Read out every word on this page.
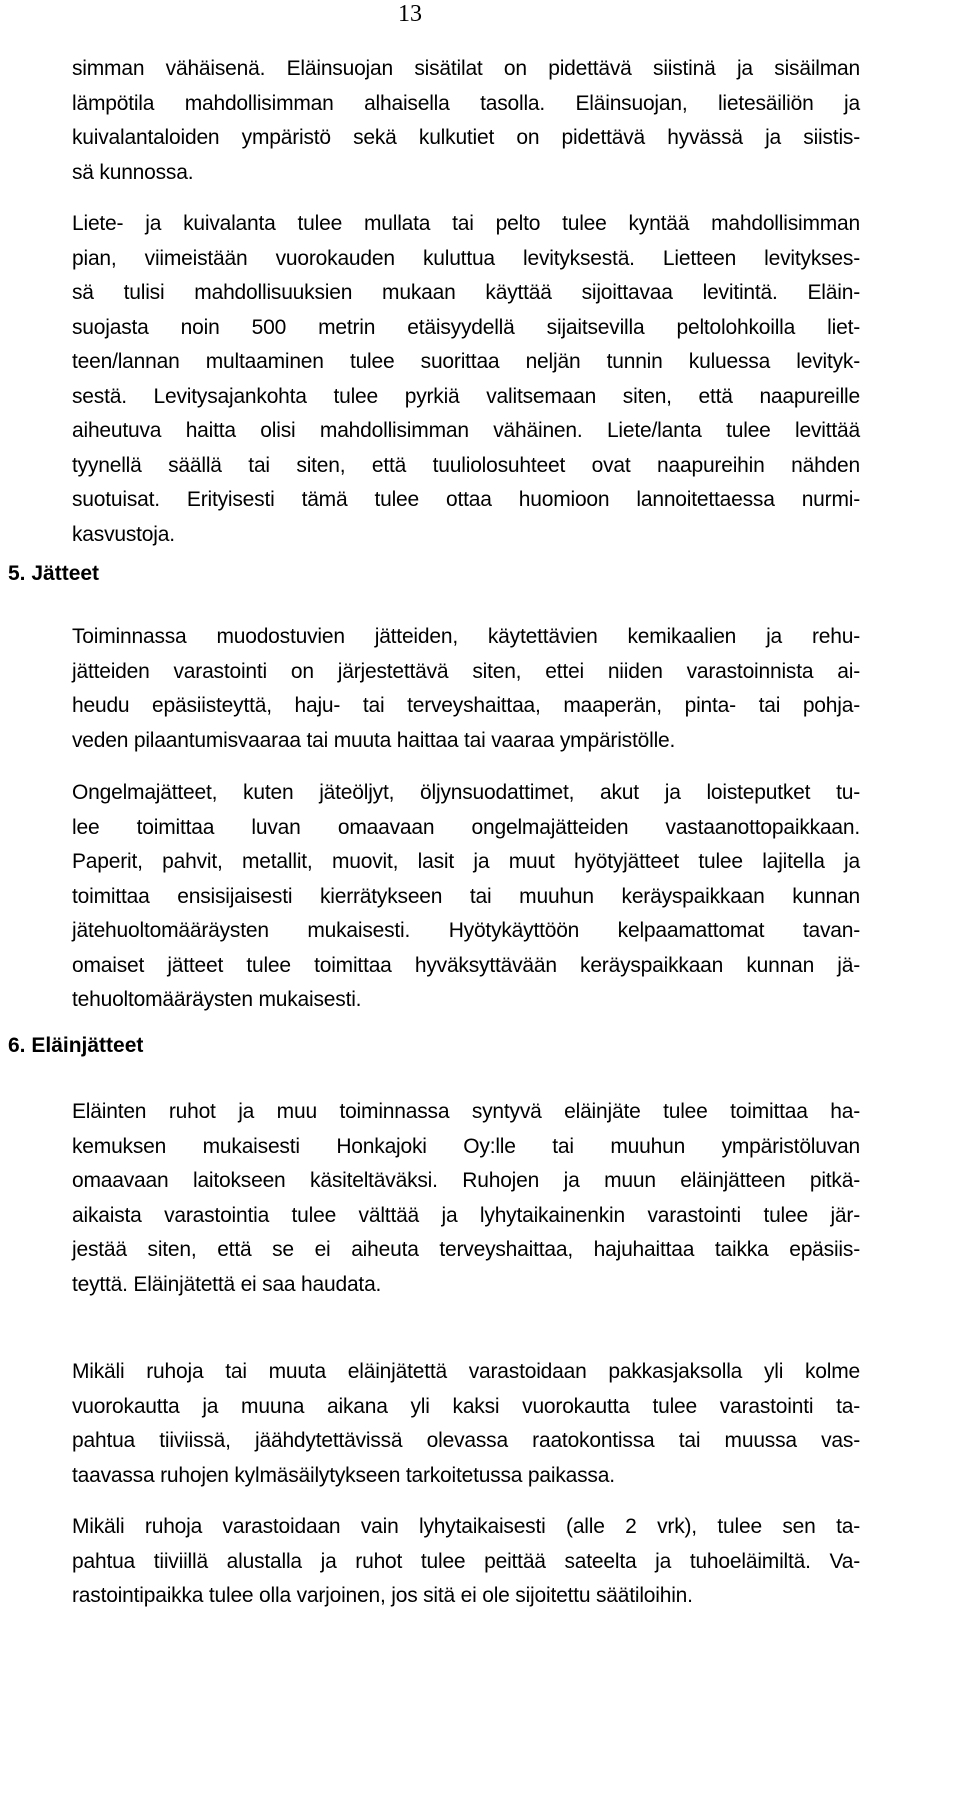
13
simman vähäisenä. Eläinsuojan sisätilat on pidettävä siistinä ja sisäilman
lämpötila mahdollisimman alhaisella tasolla. Eläinsuojan, lietesäiliön ja
kuivalantaloiden ympäristö sekä kulkutiet on pidettävä hyvässä ja siistis-
sä kunnossa.
Liete- ja kuivalanta tulee mullata tai pelto tulee kyntää mahdollisimman
pian, viimeistään vuorokauden kuluttua levityksestä. Lietteen levitykses-
sä tulisi mahdollisuuksien mukaan käyttää sijoittavaa levitintä. Eläin-
suojasta noin 500 metrin etäisyydellä sijaitsevilla peltolohkoilla liet-
teen/lannan multaaminen tulee suorittaa neljän tunnin kuluessa levityk-
sestä. Levitysajankohta tulee pyrkiä valitsemaan siten, että naapureille
aiheutuva haitta olisi mahdollisimman vähäinen. Liete/lanta tulee levittää
tyynellä säällä tai siten, että tuuliolosuhteet ovat naapureihin nähden
suotuisat. Erityisesti tämä tulee ottaa huomioon lannoitettaessa nurmi-
kasvustoja.
5. Jätteet
Toiminnassa muodostuvien jätteiden, käytettävien kemikaalien ja rehu-
jätteiden varastointi on järjestettävä siten, ettei niiden varastoinnista ai-
heudu epäsiisteyttä, haju- tai terveyshaittaa, maaperän, pinta- tai pohja-
veden pilaantumisvaaraa tai muuta haittaa tai vaaraa ympäristölle.
Ongelmajätteet, kuten jäteöljyt, öljynsuodattimet, akut ja loisteputket tu-
lee toimittaa luvan omaavaan ongelmajätteiden vastaanottopaikkaan.
Paperit, pahvit, metallit, muovit, lasit ja muut hyötyjätteet tulee lajitella ja
toimittaa ensisijaisesti kierrätykseen tai muuhun keräyspaikkaan kunnan
jätehuoltomääräysten mukaisesti. Hyötykäyttöön kelpaamattomat tavan-
omaiset jätteet tulee toimittaa hyväksyttävään keräyspaikkaan kunnan jä-
tehuoltomääräysten mukaisesti.
6. Eläinjätteet
Eläinten ruhot ja muu toiminnassa syntyvä eläinjäte tulee toimittaa ha-
kemuksen mukaisesti Honkajoki Oy:lle tai muuhun ympäristöluvan
omaavaan laitokseen käsiteltäväksi. Ruhojen ja muun eläinjätteen pitkä-
aikaista varastointia tulee välttää ja lyhytaikainenkin varastointi tulee jär-
jestää siten, että se ei aiheuta terveyshaittaa, hajuhaittaa taikka epäsiis-
teyttä. Eläinjätettä ei saa haudata.
Mikäli ruhoja tai muuta eläinjätettä varastoidaan pakkasjaksolla yli kolme
vuorokautta ja muuna aikana yli kaksi vuorokautta tulee varastointi ta-
pahtua tiiviissä, jäähdytettävissä olevassa raatokontissa tai muussa vas-
taavassa ruhojen kylmäsäilytykseen tarkoitetussa paikassa.
Mikäli ruhoja varastoidaan vain lyhytaikaisesti (alle 2 vrk), tulee sen ta-
pahtua tiiviillä alustalla ja ruhot tulee peittää sateelta ja tuhoeläimiltä. Va-
rastointipaikka tulee olla varjoinen, jos sitä ei ole sijoitettu säätiloihin.
